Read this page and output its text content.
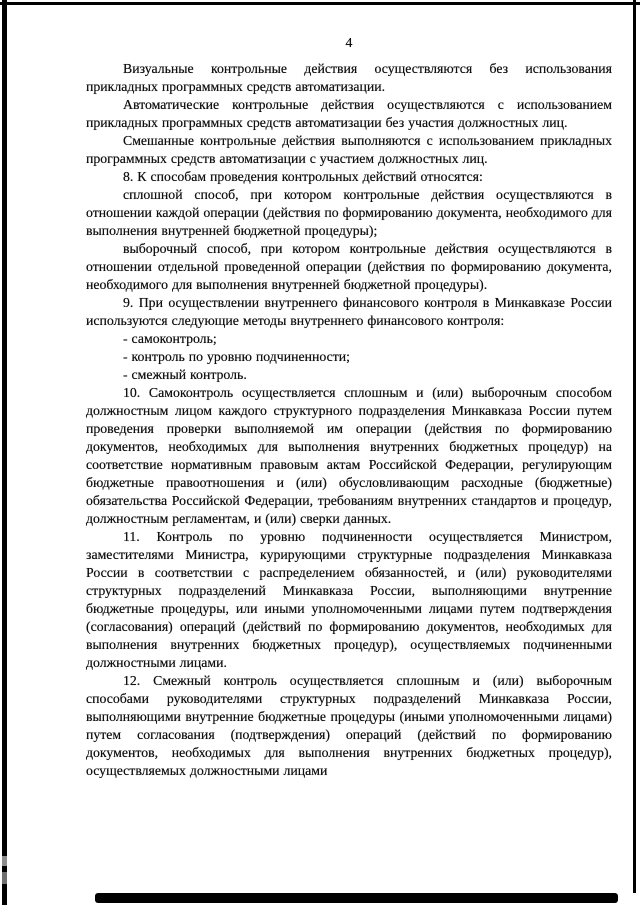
4

Визуальные контрольные действия осуществляются без использования прикладных программных средств автоматизации.

Автоматические контрольные действия осуществляются с использованием прикладных программных средств автоматизации без участия должностных лиц.

Смешанные контрольные действия выполняются с использованием прикладных программных средств автоматизации с участием должностных лиц.

8. К способам проведения контрольных действий относятся:

сплошной способ, при котором контрольные действия осуществляются в отношении каждой операции (действия по формированию документа, необходимого для выполнения внутренней бюджетной процедуры);

выборочный способ, при котором контрольные действия осуществляются в отношении отдельной проведенной операции (действия по формированию документа, необходимого для выполнения внутренней бюджетной процедуры).

9. При осуществлении внутреннего финансового контроля в Минкавказе России используются следующие методы внутреннего финансового контроля:

- самоконтроль;

- контроль по уровню подчиненности;

- смежный контроль.

10. Самоконтроль осуществляется сплошным и (или) выборочным способом должностным лицом каждого структурного подразделения Минкавказа России путем проведения проверки выполняемой им операции (действия по формированию документов, необходимых для выполнения внутренних бюджетных процедур) на соответствие нормативным правовым актам Российской Федерации, регулирующим бюджетные правоотношения и (или) обусловливающим расходные (бюджетные) обязательства Российской Федерации, требованиям внутренних стандартов и процедур, должностным регламентам, и (или) сверки данных.

11. Контроль по уровню подчиненности осуществляется Министром, заместителями Министра, курирующими структурные подразделения Минкавказа России в соответствии с распределением обязанностей, и (или) руководителями структурных подразделений Минкавказа России, выполняющими внутренние бюджетные процедуры, или иными уполномоченными лицами путем подтверждения (согласования) операций (действий по формированию документов, необходимых для выполнения внутренних бюджетных процедур), осуществляемых подчиненными должностными лицами.

12. Смежный контроль осуществляется сплошным и (или) выборочным способами руководителями структурных подразделений Минкавказа России, выполняющими внутренние бюджетные процедуры (иными уполномоченными лицами) путем согласования (подтверждения) операций (действий по формированию документов, необходимых для выполнения внутренних бюджетных процедур), осуществляемых должностными лицами
